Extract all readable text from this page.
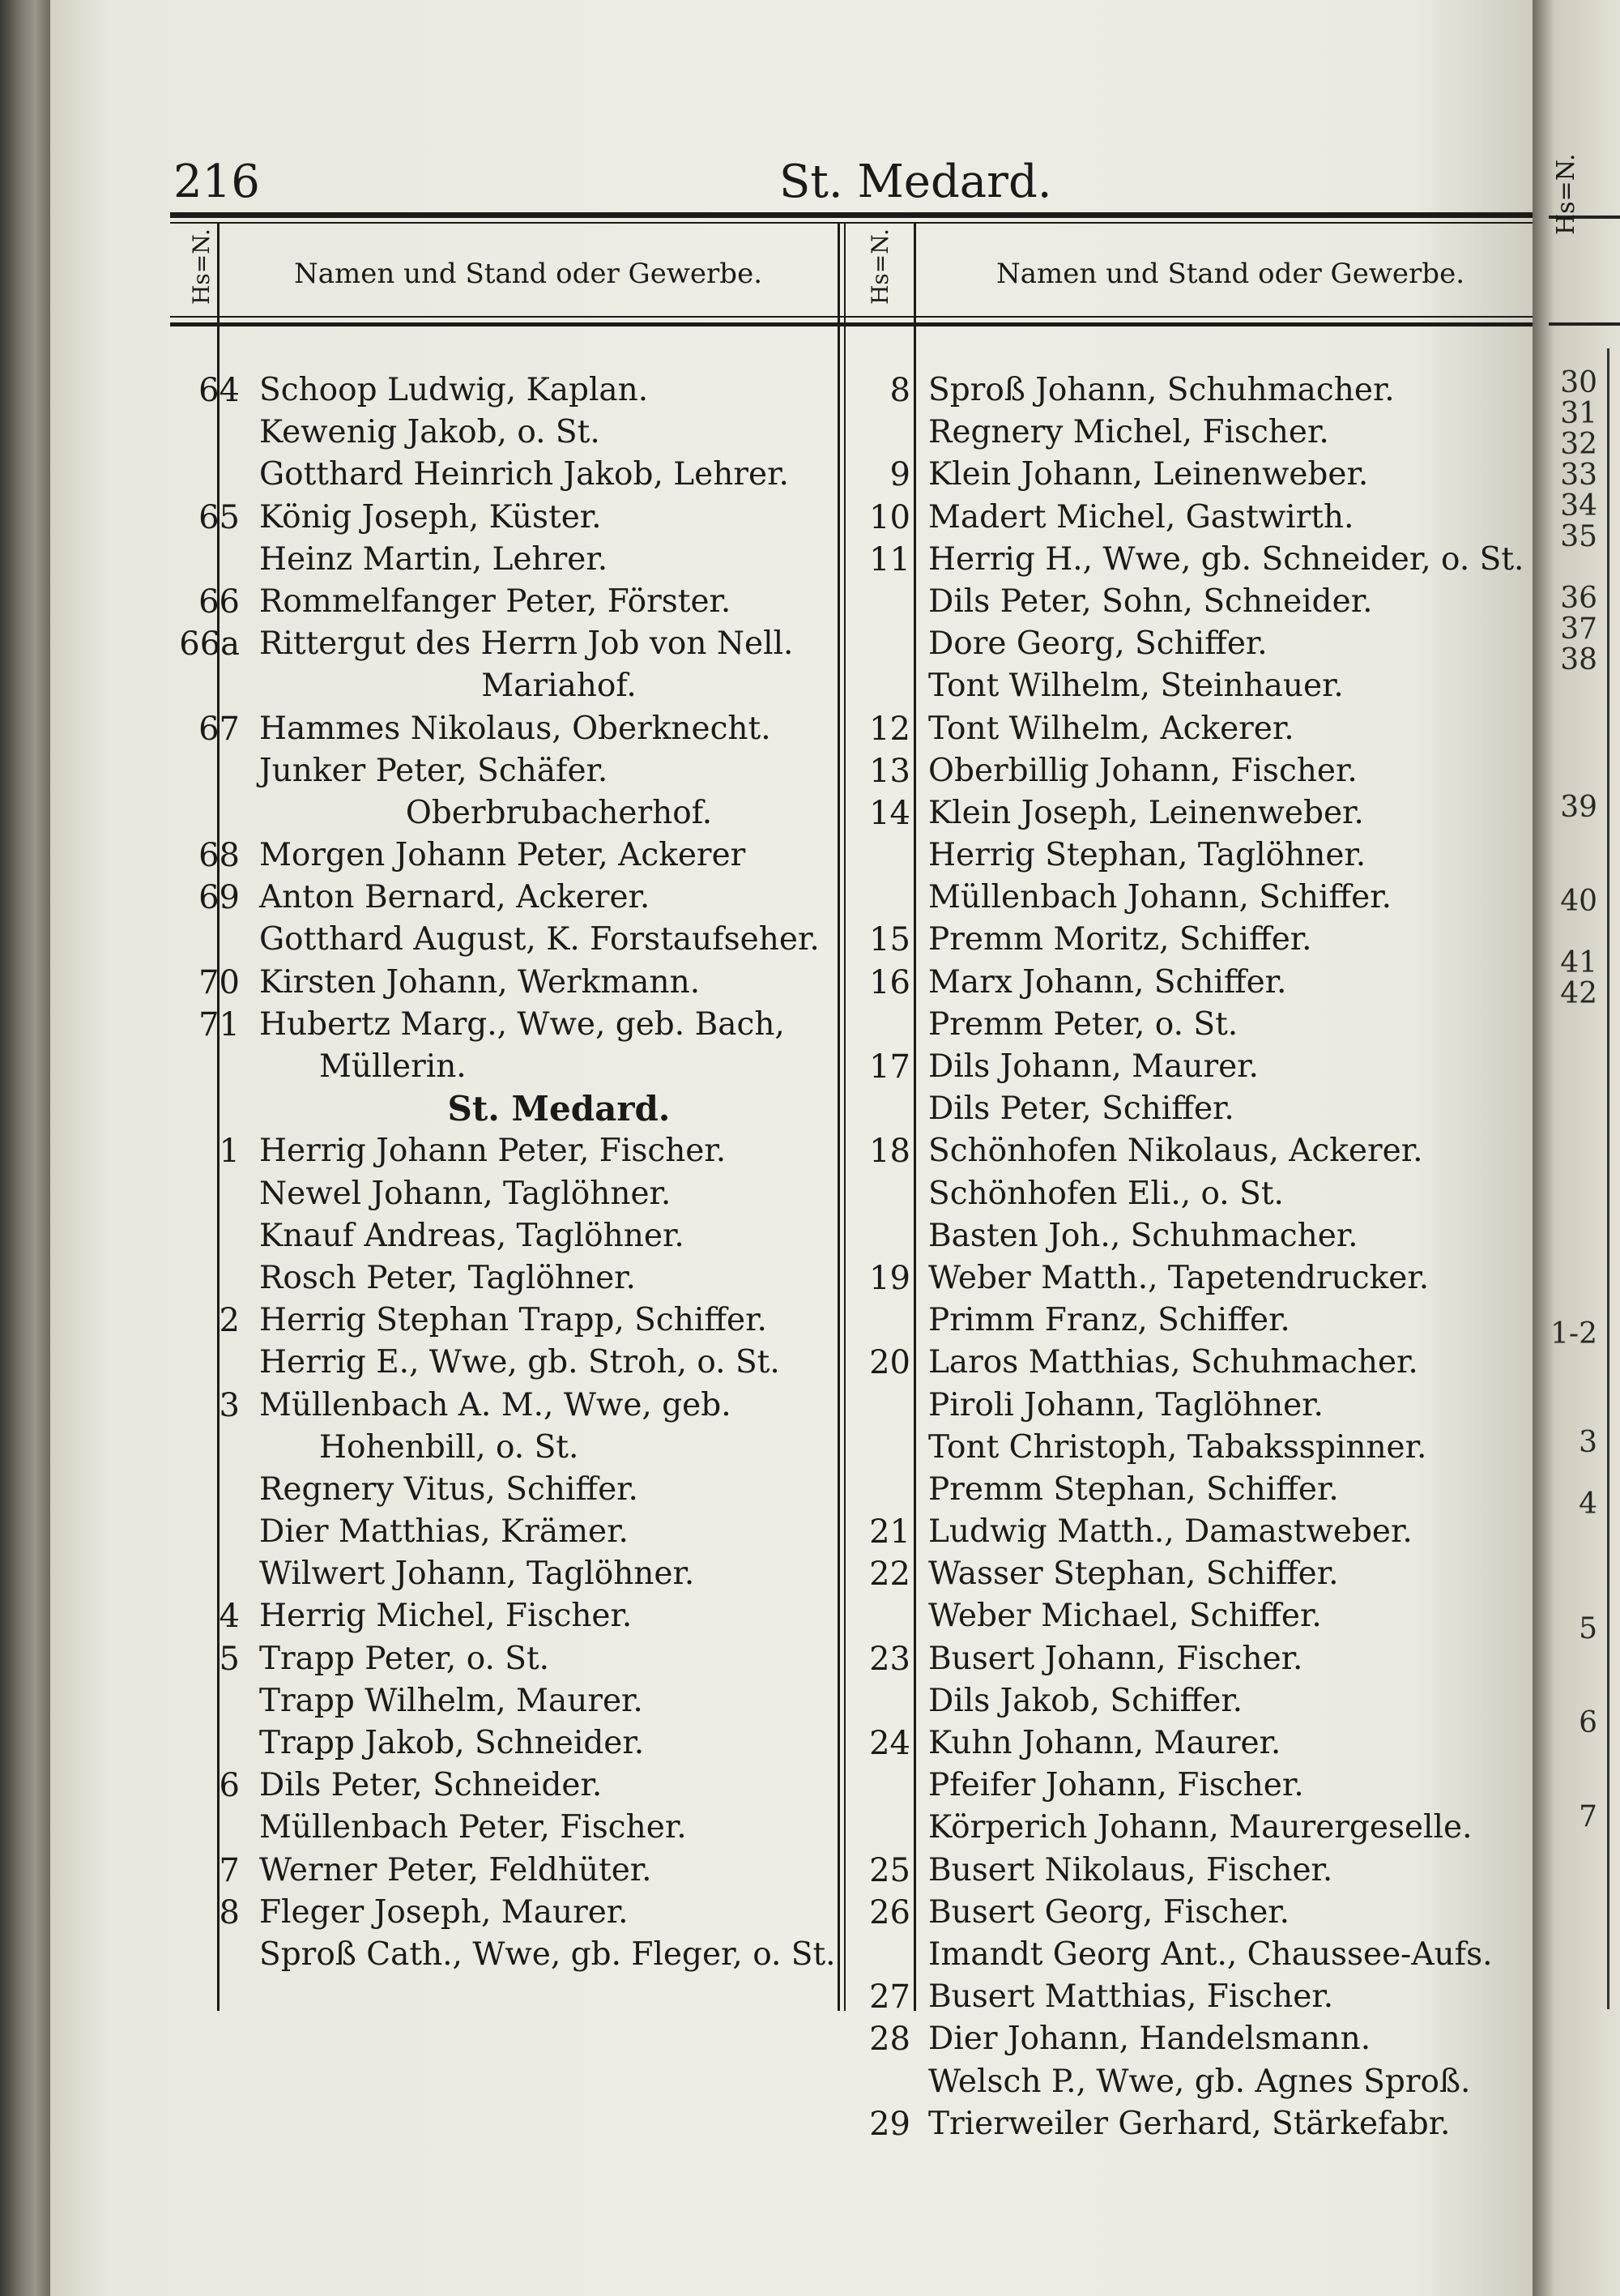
216	St. Medard.
Hs=N.	Namen und Stand oder Gewerbe.	Hs=N.	Namen und Stand oder Gewerbe.
64 Schoop Ludwig, Kaplan.
Kewenig Jakob, o. St.
Gotthard Heinrich Jakob, Lehrer.
65 König Joseph, Küster.
Heinz Martin, Lehrer.
66 Rommelfanger Peter, Förster.
66a Rittergut des Herrn Job von Nell.
Mariahof.
67 Hammes Nikolaus, Oberknecht.
Junker Peter, Schäfer.
Oberbrubacherhof.
68 Morgen Johann Peter, Ackerer
69 Anton Bernard, Ackerer.
Gotthard August, K. Forstaufseher.
70 Kirsten Johann, Werkmann.
71 Hubertz Marg., Wwe, geb. Bach,
Müllerin.
St. Medard.
1 Herrig Johann Peter, Fischer.
Newel Johann, Taglöhner.
Knauf Andreas, Taglöhner.
Rosch Peter, Taglöhner.
2 Herrig Stephan Trapp, Schiffer.
Herrig E., Wwe, gb. Stroh, o. St.
3 Müllenbach A. M., Wwe, geb.
Hohenbill, o. St.
Regnery Vitus, Schiffer.
Dier Matthias, Krämer.
Wilwert Johann, Taglöhner.
4 Herrig Michel, Fischer.
5 Trapp Peter, o. St.
Trapp Wilhelm, Maurer.
Trapp Jakob, Schneider.
6 Dils Peter, Schneider.
Müllenbach Peter, Fischer.
7 Werner Peter, Feldhüter.
8 Fleger Joseph, Maurer.
Sproß Cath., Wwe, gb. Fleger, o. St.
8 Sproß Johann, Schuhmacher.
Regnery Michel, Fischer.
9 Klein Johann, Leinenweber.
10 Madert Michel, Gastwirth.
11 Herrig H., Wwe, gb. Schneider, o. St.
Dils Peter, Sohn, Schneider.
Dore Georg, Schiffer.
Tont Wilhelm, Steinhauer.
12 Tont Wilhelm, Ackerer.
13 Oberbillig Johann, Fischer.
14 Klein Joseph, Leinenweber.
Herrig Stephan, Taglöhner.
Müllenbach Johann, Schiffer.
15 Premm Moritz, Schiffer.
16 Marx Johann, Schiffer.
Premm Peter, o. St.
17 Dils Johann, Maurer.
Dils Peter, Schiffer.
18 Schönhofen Nikolaus, Ackerer.
Schönhofen Eli., o. St.
Basten Joh., Schuhmacher.
19 Weber Matth., Tapetendrucker.
Primm Franz, Schiffer.
20 Laros Matthias, Schuhmacher.
Piroli Johann, Taglöhner.
Tont Christoph, Tabaksspinner.
Premm Stephan, Schiffer.
21 Ludwig Matth., Damastweber.
22 Wasser Stephan, Schiffer.
Weber Michael, Schiffer.
23 Busert Johann, Fischer.
Dils Jakob, Schiffer.
24 Kuhn Johann, Maurer.
Pfeifer Johann, Fischer.
Körperich Johann, Maurergeselle.
25 Busert Nikolaus, Fischer.
26 Busert Georg, Fischer.
Imandt Georg Ant., Chaussee-Aufs.
27 Busert Matthias, Fischer.
28 Dier Johann, Handelsmann.
Welsch P., Wwe, gb. Agnes Sproß.
29 Trierweiler Gerhard, Stärkefabr.
Hs=N.
30
31
32
33
34
35
36
37
38
39
40
41
42
1-2
3
4
5
6
7
